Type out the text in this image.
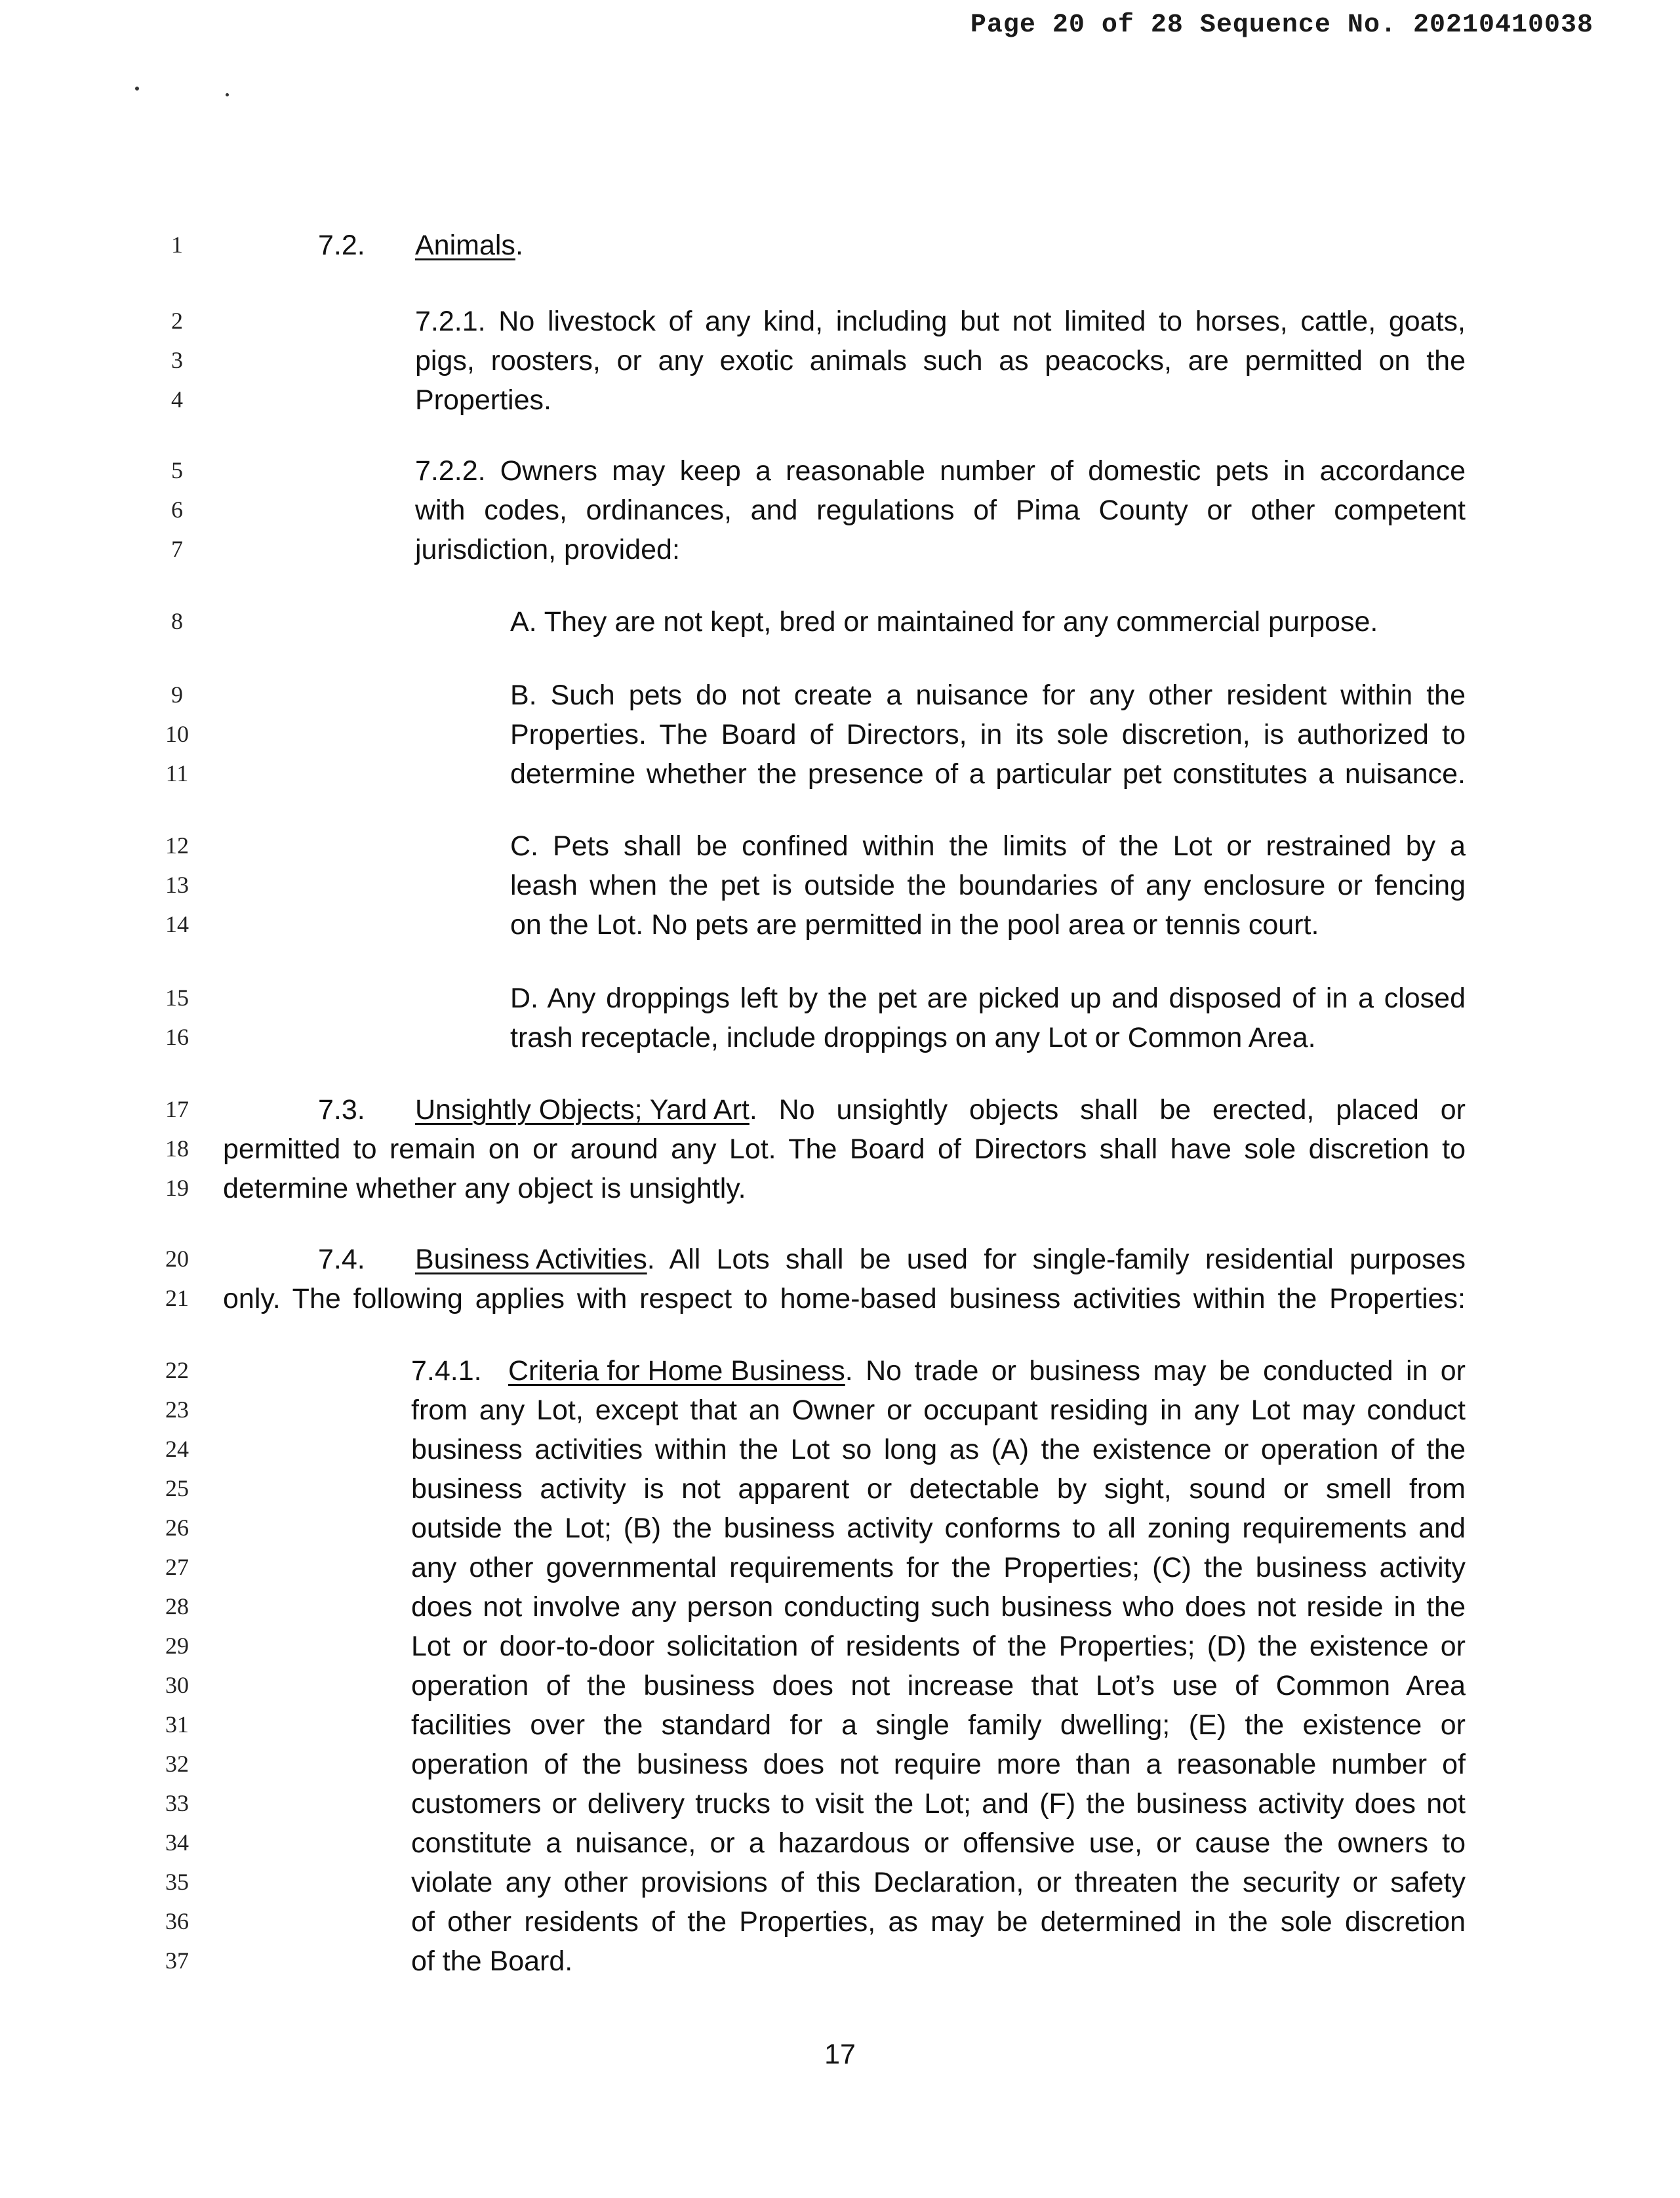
Page 20 of 28 Sequence No. 20210410038
1
2
3
4
5
6
7
8
9
10
11
12
13
14
15
16
17
18
19
20
21
22
23
24
25
26
27
28
29
30
31
32
33
34
35
36
37
7.2. Animals.
7.2.1. No livestock of any kind, including but not limited to horses, cattle, goats,
pigs, roosters, or any exotic animals such as peacocks, are permitted on the
Properties.
7.2.2. Owners may keep a reasonable number of domestic pets in accordance
with codes, ordinances, and regulations of Pima County or other competent
jurisdiction, provided:
A. They are not kept, bred or maintained for any commercial purpose.
B. Such pets do not create a nuisance for any other resident within the
Properties. The Board of Directors, in its sole discretion, is authorized to
determine whether the presence of a particular pet constitutes a nuisance.
C. Pets shall be confined within the limits of the Lot or restrained by a
leash when the pet is outside the boundaries of any enclosure or fencing
on the Lot. No pets are permitted in the pool area or tennis court.
D. Any droppings left by the pet are picked up and disposed of in a closed
trash receptacle, include droppings on any Lot or Common Area.
7.3.	Unsightly Objects; Yard Art . No unsightly objects shall be erected, placed or
permitted to remain on or around any Lot. The Board of Directors shall have sole discretion to
determine whether any object is unsightly.
7.4.	Business Activities . All Lots shall be used for single-family residential purposes
only. The following applies with respect to home-based business activities within the Properties:
7.4.1. Criteria for Home Business . No trade or business may be conducted in or
from any Lot, except that an Owner or occupant residing in any Lot may conduct
business activities within the Lot so long as (A) the existence or operation of the
business activity is not apparent or detectable by sight, sound or smell from
outside the Lot; (B) the business activity conforms to all zoning requirements and
any other governmental requirements for the Properties; (C) the business activity
does not involve any person conducting such business who does not reside in the
Lot or door-to-door solicitation of residents of the Properties; (D) the existence or
operation of the business does not increase that Lot’s use of Common Area
facilities over the standard for a single family dwelling; (E) the existence or
operation of the business does not require more than a reasonable number of
customers or delivery trucks to visit the Lot; and (F) the business activity does not
constitute a nuisance, or a hazardous or offensive use, or cause the owners to
violate any other provisions of this Declaration, or threaten the security or safety
of other residents of the Properties, as may be determined in the sole discretion
of the Board.
17
